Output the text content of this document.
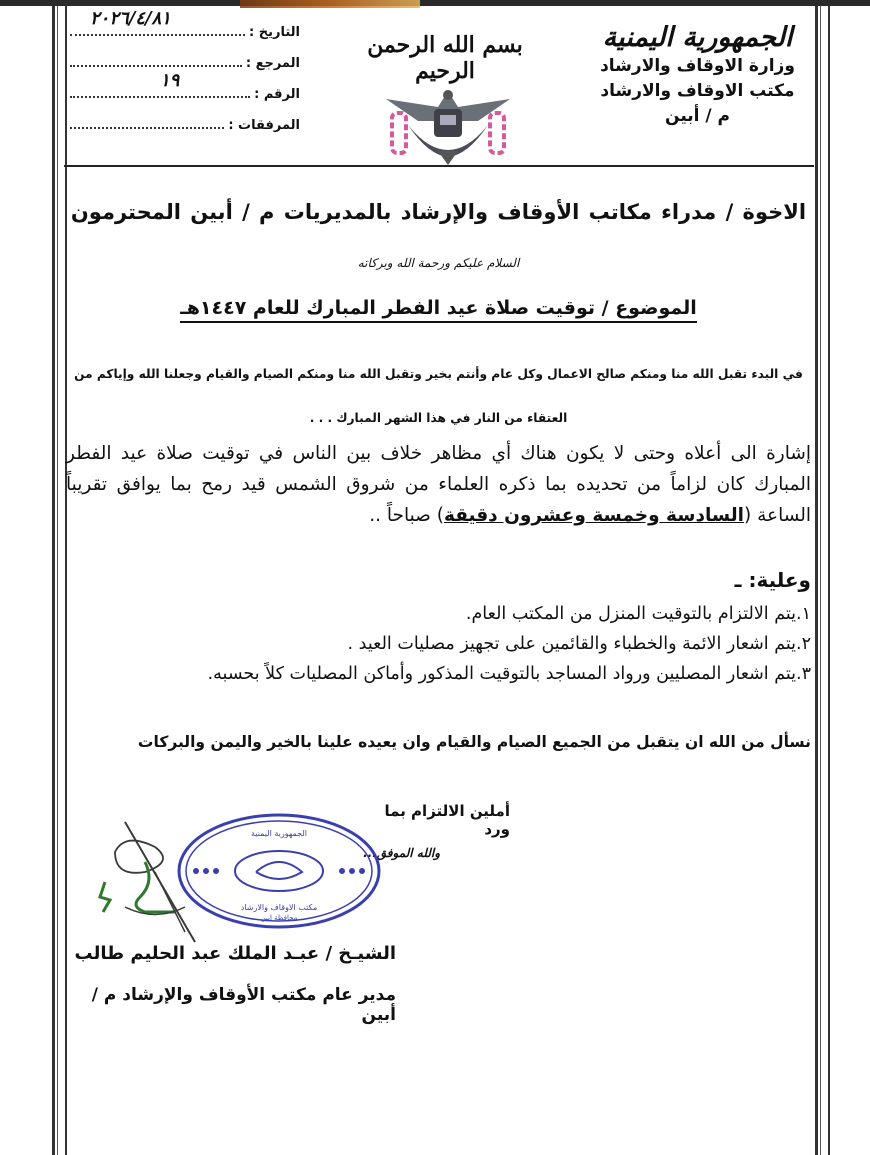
الجمهورية اليمنية
وزارة الاوقاف والارشاد
مكتب الاوقاف والارشاد
م / أبين
بسم الله الرحمن الرحيم
التاريخ :
٢٠٢٦/٤/٨١
المرجع :
الرقم :
١٩
المرفقات :
الاخوة / مدراء مكاتب الأوقاف والإرشاد بالمديريات م / أبين المحترمون
السلام عليكم ورحمة الله وبركاته
الموضوع / توقيت صلاة عيد الفطر المبارك للعام ١٤٤٧هـ
في البدء تقبل الله منا ومنكم صالح الاعمال وكل عام وأنتم بخير وتقبل الله منا ومنكم الصيام والقيام وجعلنا الله وإياكم من العتقاء من النار في هذا الشهر المبارك . . .
إشارة الى أعلاه وحتى لا يكون هناك أي مظاهر خلاف بين الناس في توقيت صلاة عيد الفطر المبارك كان لزاماً من تحديده بما ذكره العلماء من شروق الشمس قيد رمح بما يوافق تقريباً الساعة (السادسة وخمسة وعشرون دقيقة) صباحاً ..
وعلية: ـ
١.يتم الالتزام بالتوقيت المنزل من المكتب العام.
٢.يتم اشعار الائمة والخطباء والقائمين على تجهيز مصليات العيد .
٣.يتم اشعار المصليين ورواد المساجد بالتوقيت المذكور وأماكن المصليات كلاً بحسبه.
نسأل من الله ان يتقبل من الجميع الصيام والقيام وان يعيده علينا بالخير واليمن والبركات
أملين الالتزام بما ورد
والله الموفق...
الجمهورية اليمنية
مكتب الاوقاف والارشاد
محافظة ابين
الشيـخ / عبـد الملك عبد الحليم طالب
مدير عام مكتب الأوقاف والإرشاد م / أبين
